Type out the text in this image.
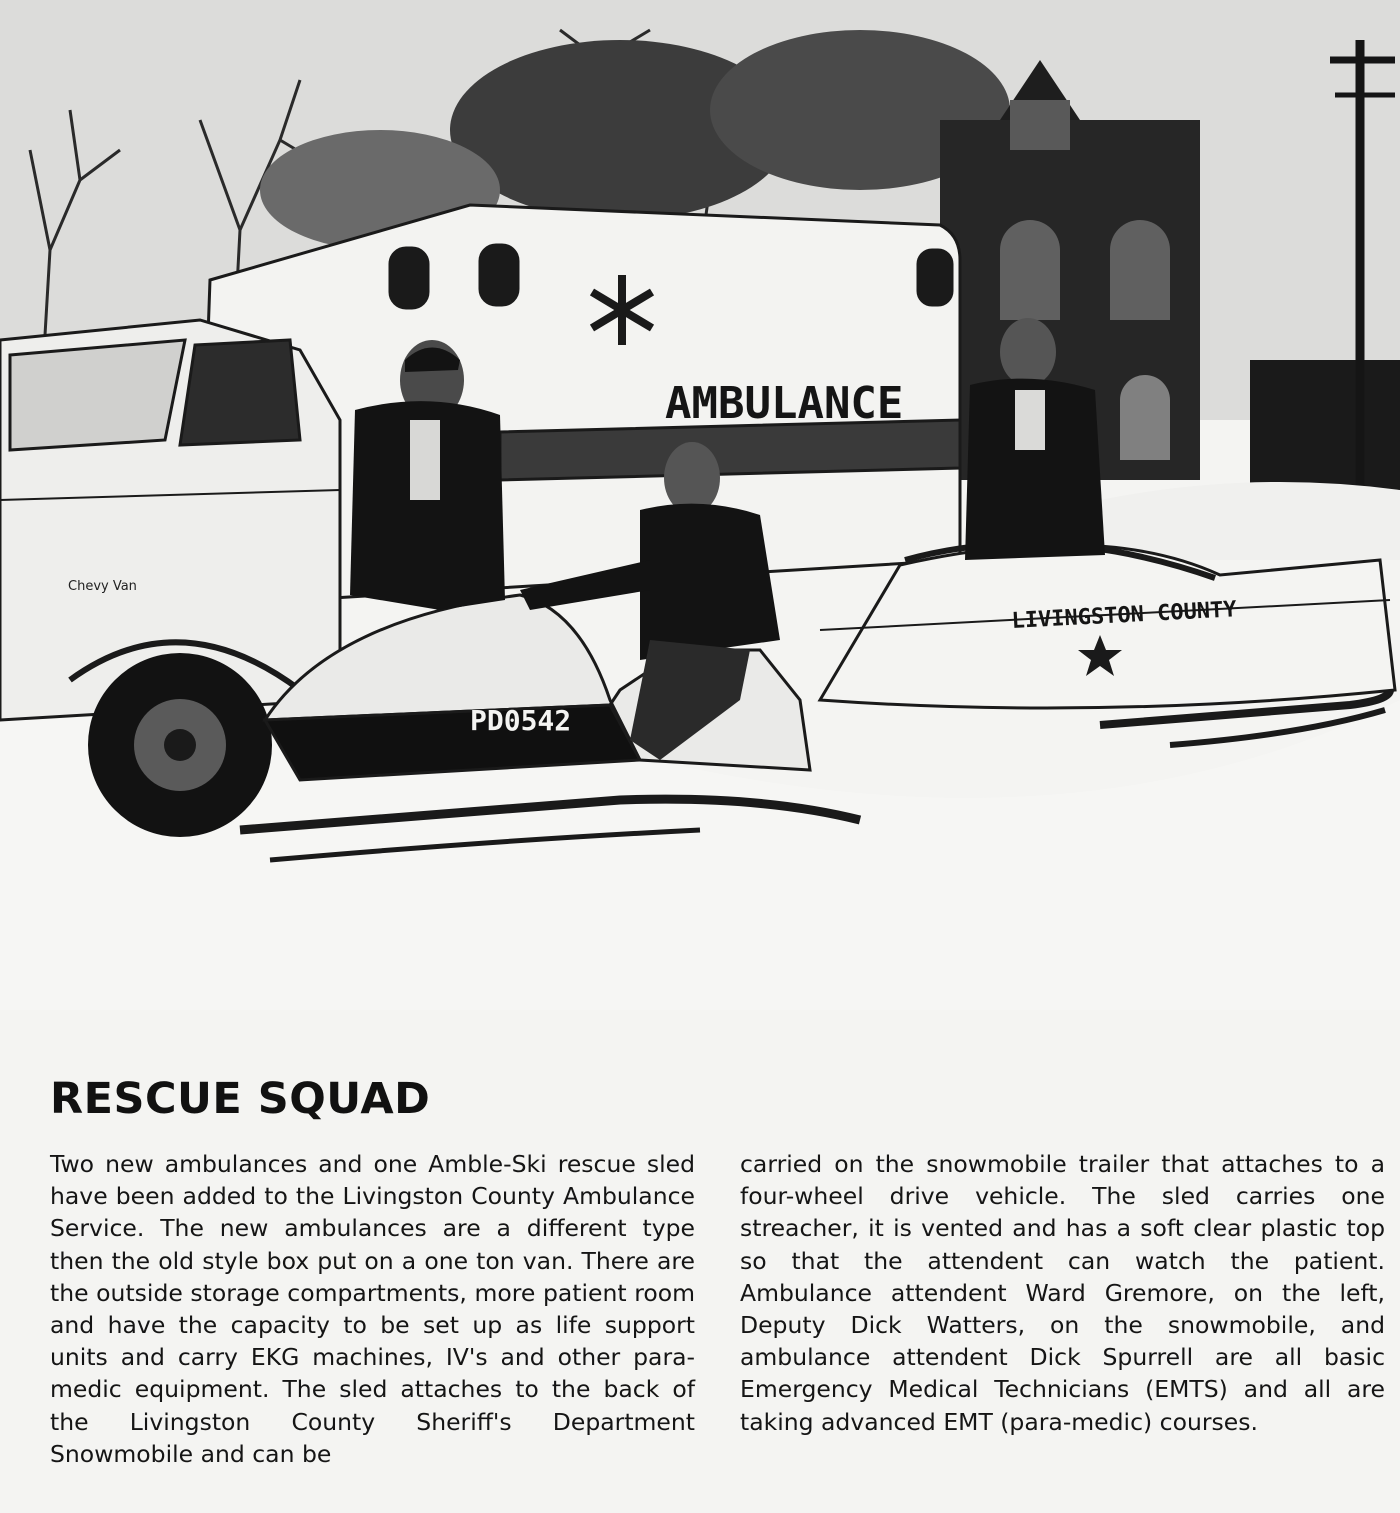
AMBULANCE
LIVINGSTON COUNTY
PD0542
Chevy Van
RESCUE SQUAD

Two new ambulances and one Amble-Ski rescue sled have been added to the Livingston County Ambulance Service. The new ambulances are a different type then the old style box put on a one ton van. There are the outside storage compartments, more patient room and have the capacity to be set up as life support units and carry EKG machines, IV's and other para-medic equipment. The sled attaches to the back of the Livingston County Sheriff's Department Snowmobile and can be

carried on the snowmobile trailer that attaches to a four-wheel drive vehicle. The sled carries one streacher, it is vented and has a soft clear plastic top so that the attendent can watch the patient. Ambulance attendent Ward Gremore, on the left, Deputy Dick Watters, on the snowmobile, and ambulance attendent Dick Spurrell are all basic Emergency Medical Technicians (EMTS) and all are taking advanced EMT (para-medic) courses.
